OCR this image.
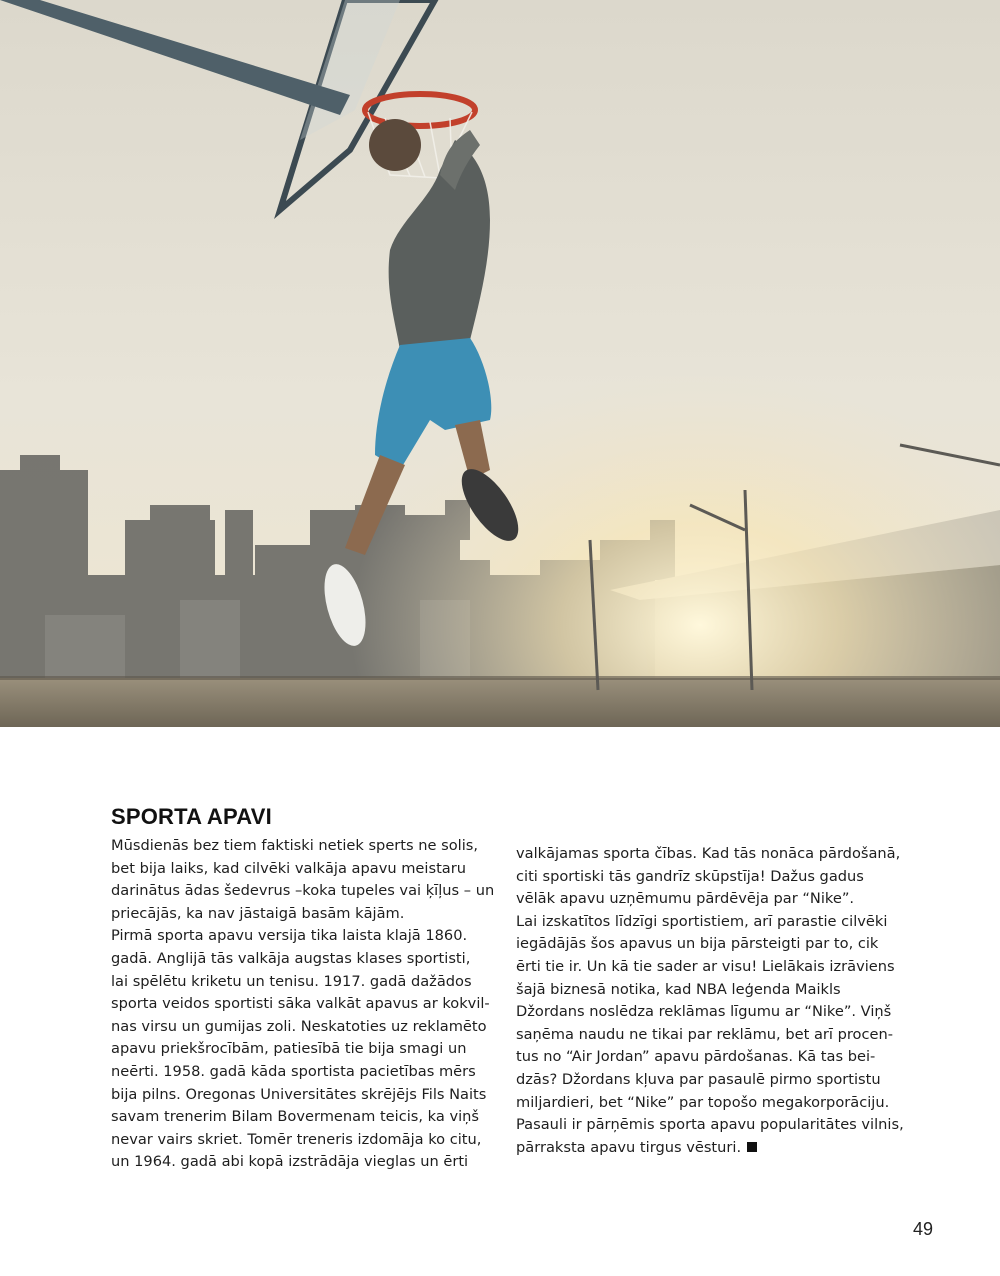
SPORTA APAVI
Mūsdienās bez tiem faktiski netiek sperts ne solis,
bet bija laiks, kad cilvēki valkāja apavu meistaru
darinātus ādas šedevrus –koka tupeles vai ķīļus – un
priecājās, ka nav jāstaigā basām kājām.
Pirmā sporta apavu versija tika laista klajā 1860.
gadā. Anglijā tās valkāja augstas klases sportisti,
lai spēlētu kriketu un tenisu. 1917. gadā dažādos
sporta veidos sportisti sāka valkāt apavus ar kokvil-
nas virsu un gumijas zoli. Neskatoties uz reklamēto
apavu priekšrocībām, patiesībā tie bija smagi un
neērti. 1958. gadā kāda sportista pacietības mērs
bija pilns. Oregonas Universitātes skrējējs Fils Naits
savam trenerim Bilam Bovermenam teicis, ka viņš
nevar vairs skriet. Tomēr treneris izdomāja ko citu,
un 1964. gadā abi kopā izstrādāja vieglas un ērti
valkājamas sporta čības. Kad tās nonāca pārdošanā,
citi sportiski tās gandrīz skūpstīja! Dažus gadus
vēlāk apavu uzņēmumu pārdēvēja par “Nike”.
Lai izskatītos līdzīgi sportistiem, arī parastie cilvēki
iegādājās šos apavus un bija pārsteigti par to, cik
ērti tie ir. Un kā tie sader ar visu! Lielākais izrāviens
šajā biznesā notika, kad NBA leģenda Maikls
Džordans noslēdza reklāmas līgumu ar “Nike”. Viņš
saņēma naudu ne tikai par reklāmu, bet arī procen-
tus no “Air Jordan” apavu pārdošanas. Kā tas bei-
dzās? Džordans kļuva par pasaulē pirmo sportistu
miljardieri, bet “Nike” par topošo megakorporāciju.
Pasauli ir pārņēmis sporta apavu popularitātes vilnis,
pārraksta apavu tirgus vēsturi.
49
